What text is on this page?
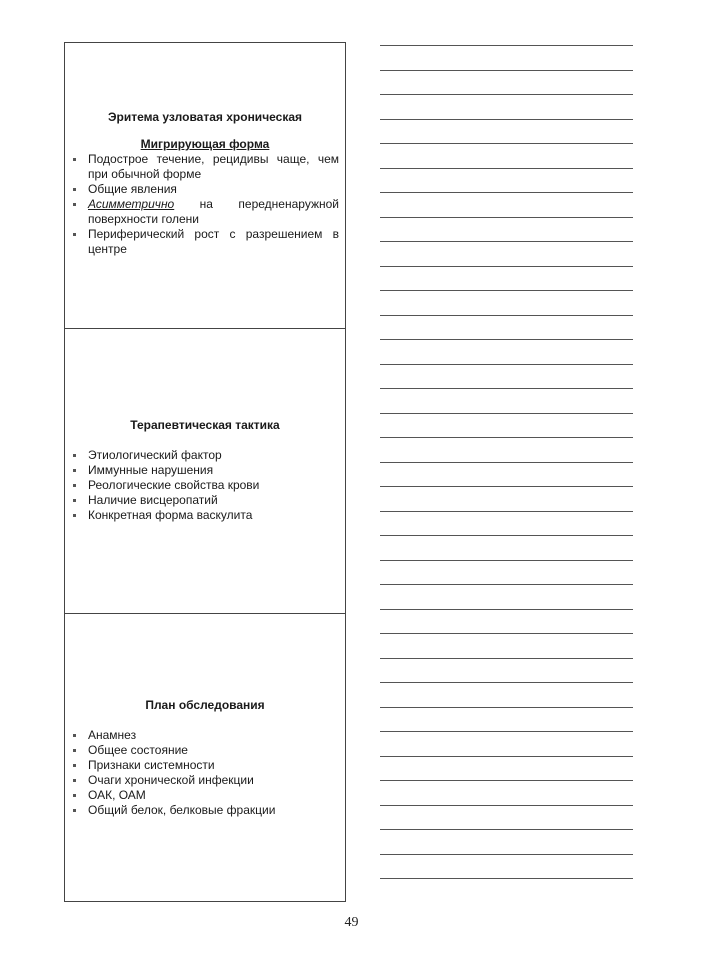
Эритема узловатая хроническая
Мигрирующая форма
Подострое течение, рецидивы чаще, чем при обычной форме
Общие явления
Асимметрично на передненаружной поверхности голени
Периферический рост с разрешением в центре
Терапевтическая тактика
Этиологический фактор
Иммунные нарушения
Реологические свойства крови
Наличие висцеропатий
Конкретная форма васкулита
План обследования
Анамнез
Общее состояние
Признаки системности
Очаги хронической инфекции
ОАК, ОАМ
Общий белок, белковые фракции
49
